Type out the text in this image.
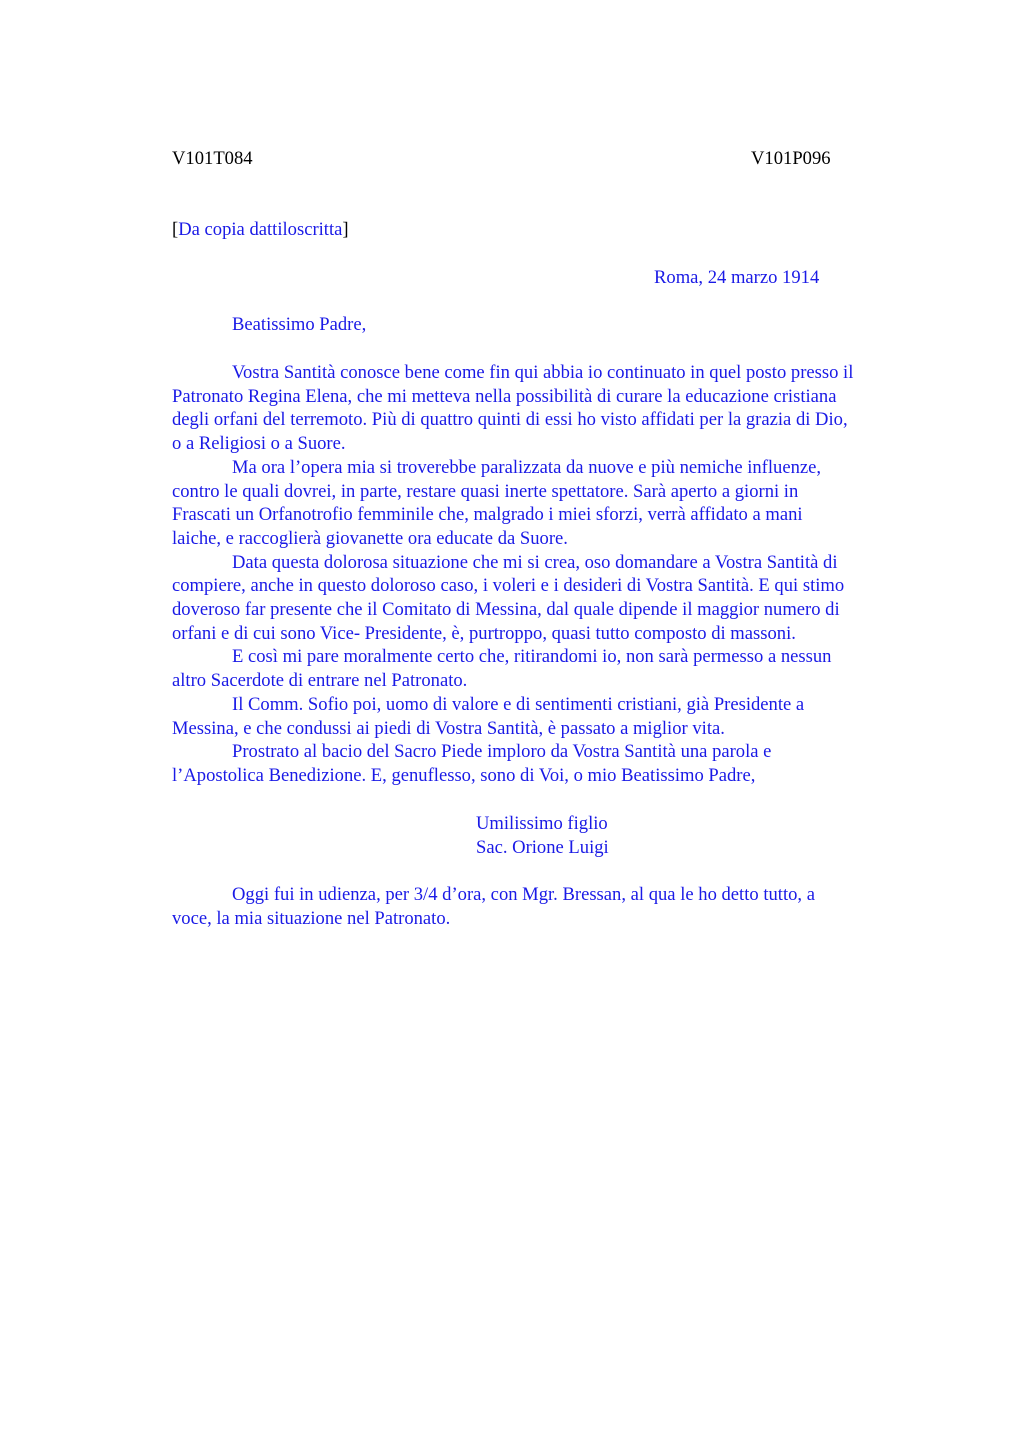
V101T084	V101P096
[Da copia dattiloscritta]
Roma, 24 marzo 1914
Beatissimo Padre,
Vostra Santità conosce bene come fin qui abbia io continuato in quel posto presso il
Patronato Regina Elena, che mi metteva nella possibilità di curare la educazione cristiana
degli orfani del terremoto. Più di quattro quinti di essi ho visto affidati per la grazia di Dio,
o a Religiosi o a Suore.
Ma ora l’opera mia si troverebbe paralizzata da nuove e più nemiche influenze,
contro le quali dovrei, in parte, restare quasi inerte spettatore. Sarà aperto a giorni in
Frascati un Orfanotrofio femminile che, malgrado i miei sforzi, verrà affidato a mani
laiche, e raccoglierà giovanette ora educate da Suore.
Data questa dolorosa situazione che mi si crea, oso domandare a Vostra Santità di
compiere, anche in questo doloroso caso, i voleri e i desideri di Vostra Santità. E qui stimo
doveroso far presente che il Comitato di Messina, dal quale dipende il maggior numero di
orfani e di cui sono Vice- Presidente, è, purtroppo, quasi tutto composto di massoni.
E così mi pare moralmente certo che, ritirandomi io, non sarà permesso a nessun
altro Sacerdote di entrare nel Patronato.
Il Comm. Sofio poi, uomo di valore e di sentimenti cristiani, già Presidente a
Messina, e che condussi ai piedi di Vostra Santità, è passato a miglior vita.
Prostrato al bacio del Sacro Piede imploro da Vostra Santità una parola e
l’Apostolica Benedizione. E, genuflesso, sono di Voi, o mio Beatissimo Padre,
Umilissimo figlio
Sac. Orione Luigi
Oggi fui in udienza, per 3/4 d’ora, con Mgr. Bressan, al qua le ho detto tutto, a
voce, la mia situazione nel Patronato.
